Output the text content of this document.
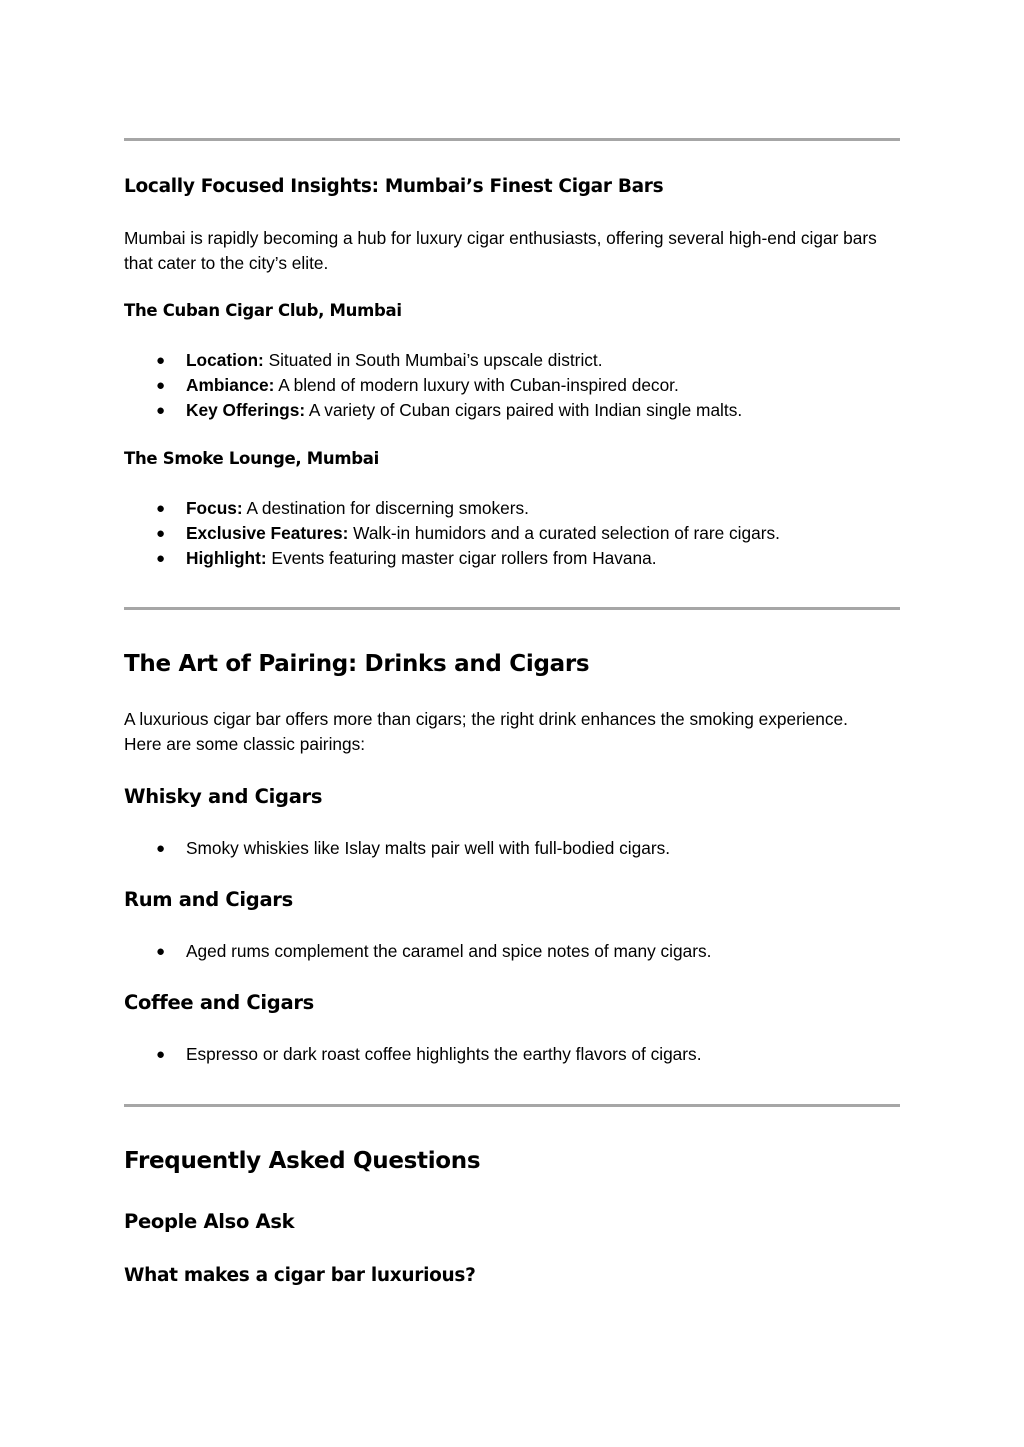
Locally Focused Insights: Mumbai’s Finest Cigar Bars

Mumbai is rapidly becoming a hub for luxury cigar enthusiasts, offering several high-end cigar bars that cater to the city’s elite.

The Cuban Cigar Club, Mumbai
● Location: Situated in South Mumbai’s upscale district.
● Ambiance: A blend of modern luxury with Cuban-inspired decor.
● Key Offerings: A variety of Cuban cigars paired with Indian single malts.
The Smoke Lounge, Mumbai
● Focus: A destination for discerning smokers.
● Exclusive Features: Walk-in humidors and a curated selection of rare cigars.
● Highlight: Events featuring master cigar rollers from Havana.
The Art of Pairing: Drinks and Cigars

A luxurious cigar bar offers more than cigars; the right drink enhances the smoking experience. Here are some classic pairings:

Whisky and Cigars
● Smoky whiskies like Islay malts pair well with full-bodied cigars.
Rum and Cigars
● Aged rums complement the caramel and spice notes of many cigars.
Coffee and Cigars
● Espresso or dark roast coffee highlights the earthy flavors of cigars.
Frequently Asked Questions
People Also Ask
What makes a cigar bar luxurious?
